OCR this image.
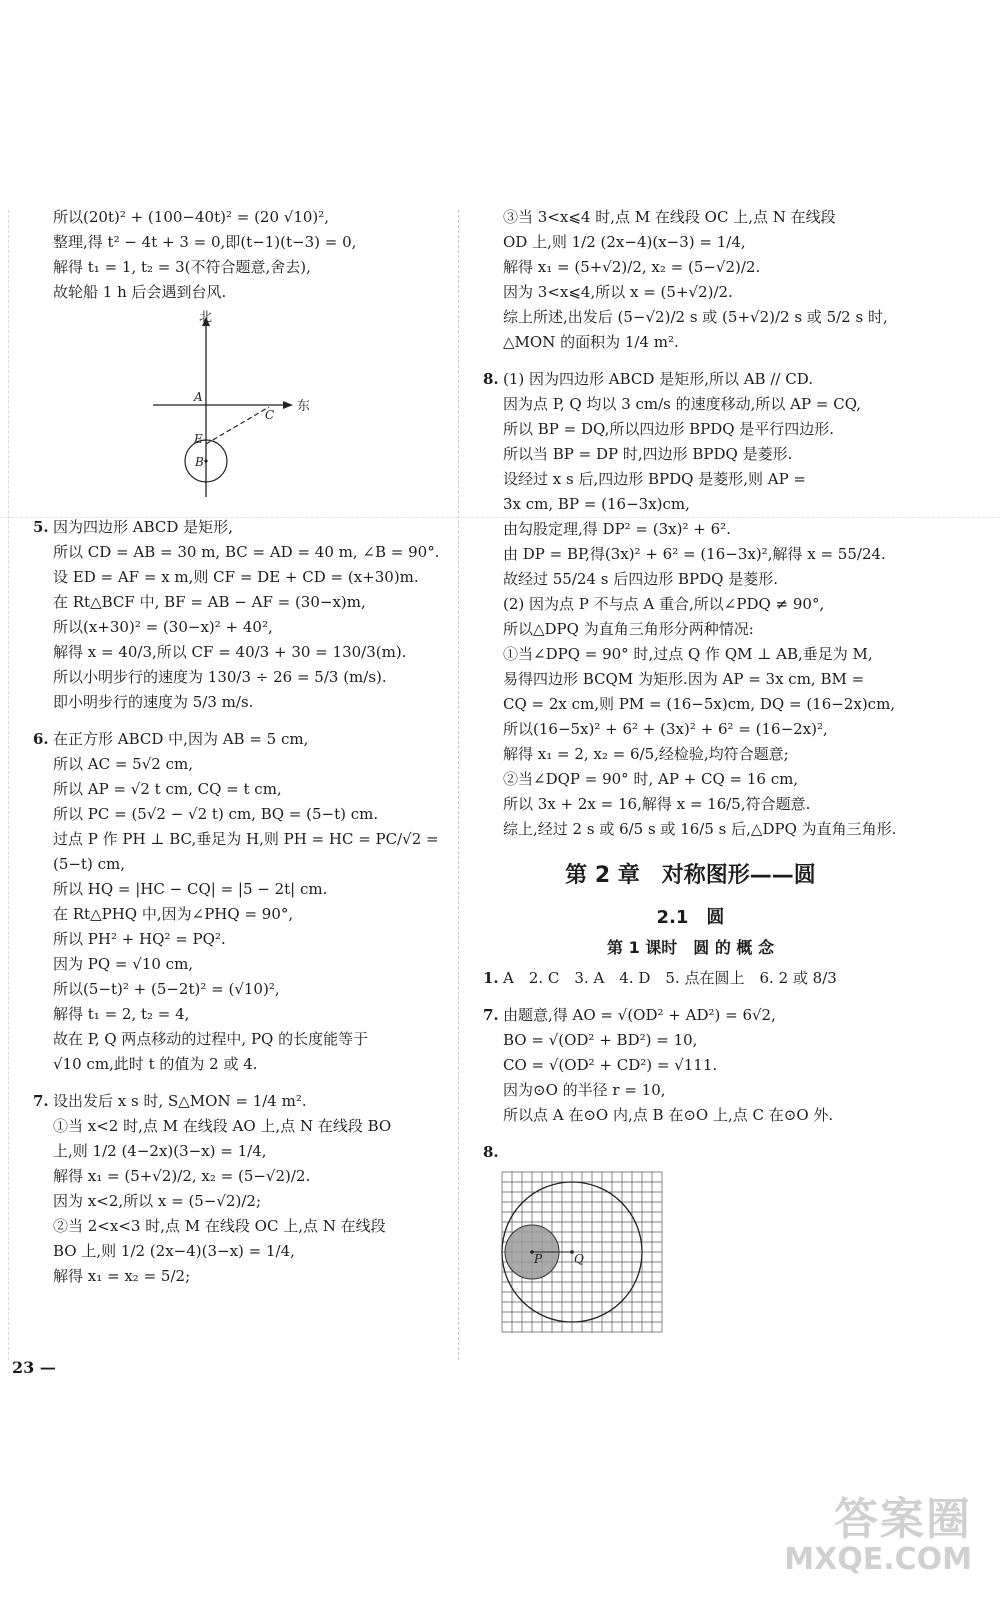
所以(20t)² + (100−40t)² = (20 √10)²,
整理,得 t² − 4t + 3 = 0,即(t−1)(t−3) = 0,
解得 t₁ = 1, t₂ = 3(不符合题意,舍去),
故轮船 1 h 后会遇到台风.
北
东
A
E
B
C
5. 因为四边形 ABCD 是矩形,
所以 CD = AB = 30 m, BC = AD = 40 m, ∠B = 90°.
设 ED = AF = x m,则 CF = DE + CD = (x+30)m.
在 Rt△BCF 中, BF = AB − AF = (30−x)m,
所以(x+30)² = (30−x)² + 40²,
解得 x = 40/3,所以 CF = 40/3 + 30 = 130/3(m).
所以小明步行的速度为 130/3 ÷ 26 = 5/3 (m/s).
即小明步行的速度为 5/3 m/s.
6. 在正方形 ABCD 中,因为 AB = 5 cm,
所以 AC = 5√2 cm,
所以 AP = √2 t cm, CQ = t cm,
所以 PC = (5√2 − √2 t) cm, BQ = (5−t) cm.
过点 P 作 PH ⊥ BC,垂足为 H,则 PH = HC = PC/√2 =
(5−t) cm,
所以 HQ = |HC − CQ| = |5 − 2t| cm.
在 Rt△PHQ 中,因为∠PHQ = 90°,
所以 PH² + HQ² = PQ².
因为 PQ = √10 cm,
所以(5−t)² + (5−2t)² = (√10)²,
解得 t₁ = 2, t₂ = 4,
故在 P, Q 两点移动的过程中, PQ 的长度能等于
√10 cm,此时 t 的值为 2 或 4.
7. 设出发后 x s 时, S△MON = 1/4 m².
①当 x<2 时,点 M 在线段 AO 上,点 N 在线段 BO
上,则 1/2 (4−2x)(3−x) = 1/4,
解得 x₁ = (5+√2)/2, x₂ = (5−√2)/2.
因为 x<2,所以 x = (5−√2)/2;
②当 2<x<3 时,点 M 在线段 OC 上,点 N 在线段
BO 上,则 1/2 (2x−4)(3−x) = 1/4,
解得 x₁ = x₂ = 5/2;
③当 3<x⩽4 时,点 M 在线段 OC 上,点 N 在线段
OD 上,则 1/2 (2x−4)(x−3) = 1/4,
解得 x₁ = (5+√2)/2, x₂ = (5−√2)/2.
因为 3<x⩽4,所以 x = (5+√2)/2.
综上所述,出发后 (5−√2)/2 s 或 (5+√2)/2 s 或 5/2 s 时,
△MON 的面积为 1/4 m².
8. (1) 因为四边形 ABCD 是矩形,所以 AB // CD.
因为点 P, Q 均以 3 cm/s 的速度移动,所以 AP = CQ,
所以 BP = DQ,所以四边形 BPDQ 是平行四边形.
所以当 BP = DP 时,四边形 BPDQ 是菱形.
设经过 x s 后,四边形 BPDQ 是菱形,则 AP =
3x cm, BP = (16−3x)cm,
由勾股定理,得 DP² = (3x)² + 6².
由 DP = BP,得(3x)² + 6² = (16−3x)²,解得 x = 55/24.
故经过 55/24 s 后四边形 BPDQ 是菱形.
(2) 因为点 P 不与点 A 重合,所以∠PDQ ≠ 90°,
所以△DPQ 为直角三角形分两种情况:
①当∠DPQ = 90° 时,过点 Q 作 QM ⊥ AB,垂足为 M,
易得四边形 BCQM 为矩形.因为 AP = 3x cm, BM =
CQ = 2x cm,则 PM = (16−5x)cm, DQ = (16−2x)cm,
所以(16−5x)² + 6² + (3x)² + 6² = (16−2x)²,
解得 x₁ = 2, x₂ = 6/5,经检验,均符合题意;
②当∠DQP = 90° 时, AP + CQ = 16 cm,
所以 3x + 2x = 16,解得 x = 16/5,符合题意.
综上,经过 2 s 或 6/5 s 或 16/5 s 后,△DPQ 为直角三角形.
第 2 章　对称图形——圆
2.1　圆
第 1 课时　圆 的 概 念
1. A　2. C　3. A　4. D　5. 点在圆上　6. 2 或 8/3
7. 由题意,得 AO = √(OD² + AD²) = 6√2,
BO = √(OD² + BD²) = 10,
CO = √(OD² + CD²) = √111.
因为⊙O 的半径 r = 10,
所以点 A 在⊙O 内,点 B 在⊙O 上,点 C 在⊙O 外.
8.
P	Q
23 —
答案圈
MXQE.COM
